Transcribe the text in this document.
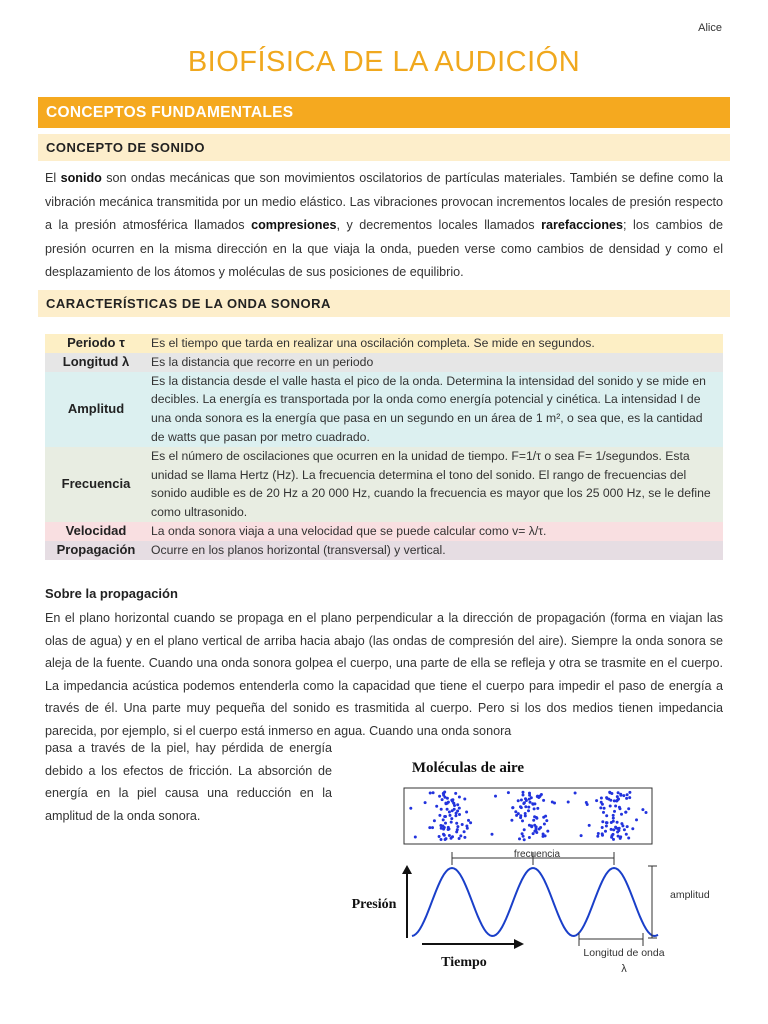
Alice
BIOFÍSICA DE LA AUDICIÓN
CONCEPTOS FUNDAMENTALES
CONCEPTO DE SONIDO
El sonido son ondas mecánicas que son movimientos oscilatorios de partículas materiales. También se define como la vibración mecánica transmitida por un medio elástico. Las vibraciones provocan incrementos locales de presión respecto a la presión atmosférica llamados compresiones, y decrementos locales llamados rarefacciones; los cambios de presión ocurren en la misma dirección en la que viaja la onda, pueden verse como cambios de densidad y como el desplazamiento de los átomos y moléculas de sus posiciones de equilibrio.
CARACTERÍSTICAS DE LA ONDA SONORA
Periodo τ	Es el tiempo que tarda en realizar una oscilación completa. Se mide en segundos.
Longitud λ	Es la distancia que recorre en un periodo
Amplitud	Es la distancia desde el valle hasta el pico de la onda. Determina la intensidad del sonido y se mide en decibles. La energía es transportada por la onda como energía potencial y cinética. La intensidad I de una onda sonora es la energía que pasa en un segundo en un área de 1 m², o sea que, es la cantidad de watts que pasan por metro cuadrado.
Frecuencia	Es el número de oscilaciones que ocurren en la unidad de tiempo. F=1/τ o sea F= 1/segundos. Esta unidad se llama Hertz (Hz). La frecuencia determina el tono del sonido. El rango de frecuencias del sonido audible es de 20 Hz a 20 000 Hz, cuando la frecuencia es mayor que los 25 000 Hz, se le define como ultrasonido.
Velocidad	La onda sonora viaja a una velocidad que se puede calcular como v= λ/τ.
Propagación	Ocurre en los planos horizontal (transversal) y vertical.
Sobre la propagación
En el plano horizontal cuando se propaga en el plano perpendicular a la dirección de propagación (forma en viajan las olas de agua) y en el plano vertical de arriba hacia abajo (las ondas de compresión del aire). Siempre la onda sonora se aleja de la fuente. Cuando una onda sonora golpea el cuerpo, una parte de ella se refleja y otra se trasmite en el cuerpo. La impedancia acústica podemos entenderla como la capacidad que tiene el cuerpo para impedir el paso de energía a través de él. Una parte muy pequeña del sonido es trasmitida al cuerpo. Pero si los dos medios tienen impedancia parecida, por ejemplo, si el cuerpo está inmerso en agua. Cuando una onda sonora
pasa a través de la piel, hay pérdida de energía debido a los efectos de fricción. La absorción de energía en la piel causa una reducción en la amplitud de la onda sonora.
Moléculas de aire
frecuencia
Presión
Tiempo
amplitud
Longitud de onda
λ
